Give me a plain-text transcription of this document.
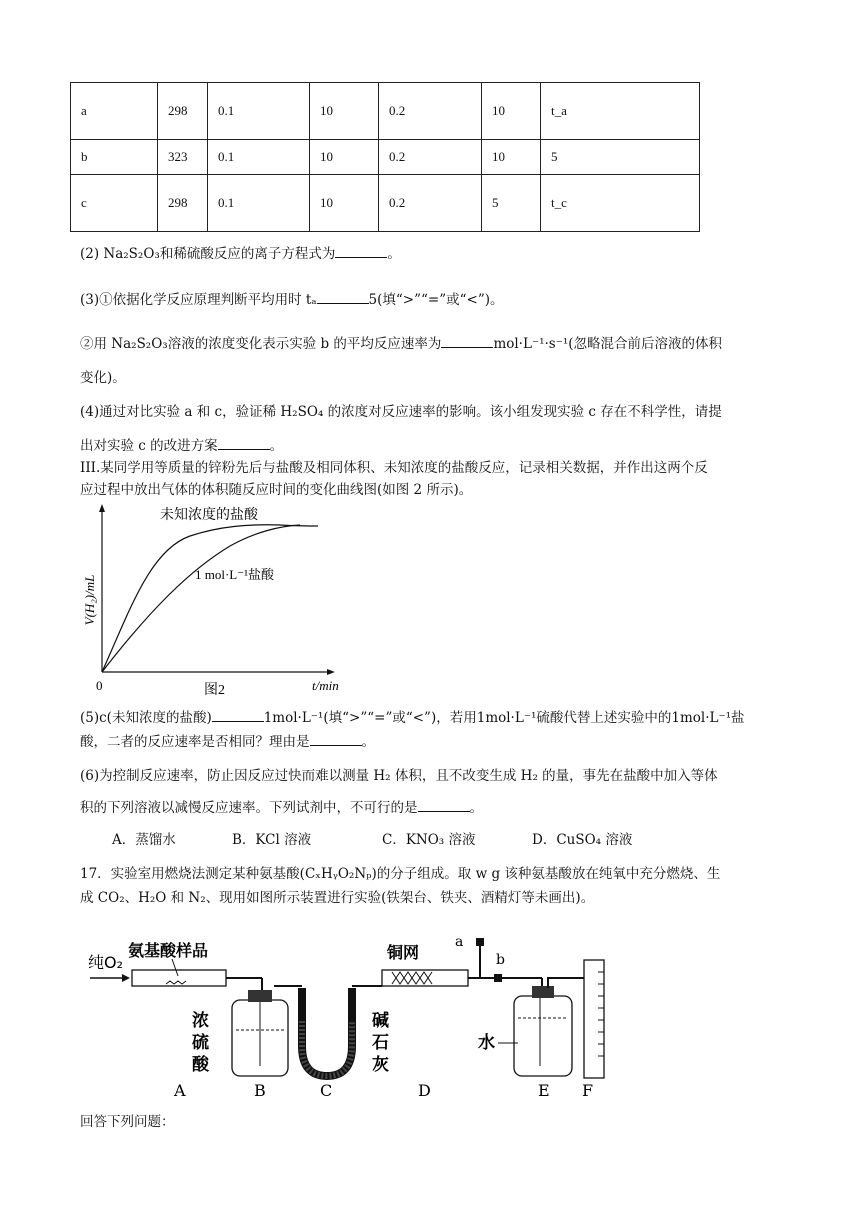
a	298	0.1	10	0.2	10	t_a
b	323	0.1	10	0.2	10	5
c	298	0.1	10	0.2	5	t_c
(2) Na₂S₂O₃和稀硫酸反应的离子方程式为	。
(3)①依据化学反应原理判断平均用时 tₐ	5(填“>”“=”或“<”)。
②用 Na₂S₂O₃溶液的浓度变化表示实验 b 的平均反应速率为	mol·L⁻¹·s⁻¹(忽略混合前后溶液的体积
变化)。
(4)通过对比实验 a 和 c，验证稀 H₂SO₄ 的浓度对反应速率的影响。该小组发现实验 c 存在不科学性，请提
出对实验 c 的改进方案	。
III.某同学用等质量的锌粉先后与盐酸及相同体积、未知浓度的盐酸反应，记录相关数据，并作出这两个反
应过程中放出气体的体积随反应时间的变化曲线图(如图 2 所示)。
未知浓度的盐酸
1 mol·L⁻¹盐酸
V(H₂)/mL
0	图2	t/min
(5)c(未知浓度的盐酸)	1mol·L⁻¹(填“>”“=”或“<”)，若用1mol·L⁻¹硫酸代替上述实验中的1mol·L⁻¹盐
酸，二者的反应速率是否相同？理由是	。
(6)为控制反应速率，防止因反应过快而难以测量 H₂ 体积，且不改变生成 H₂ 的量，事先在盐酸中加入等体
积的下列溶液以减慢反应速率。下列试剂中，不可行的是	。
A．蒸馏水	B．KCl 溶液	C．KNO₃ 溶液	D．CuSO₄ 溶液
17．实验室用燃烧法测定某种氨基酸(CₓHᵧO₂Nₚ)的分子组成。取 w g 该种氨基酸放在纯氧中充分燃烧、生
成 CO₂、H₂O 和 N₂、现用如图所示装置进行实验(铁架台、铁夹、酒精灯等未画出)。
纯O₂
氨基酸样品
浓
硫
酸
碱
石
灰
铜网
a
b
水
A	B	C	D	E F
回答下列问题：
